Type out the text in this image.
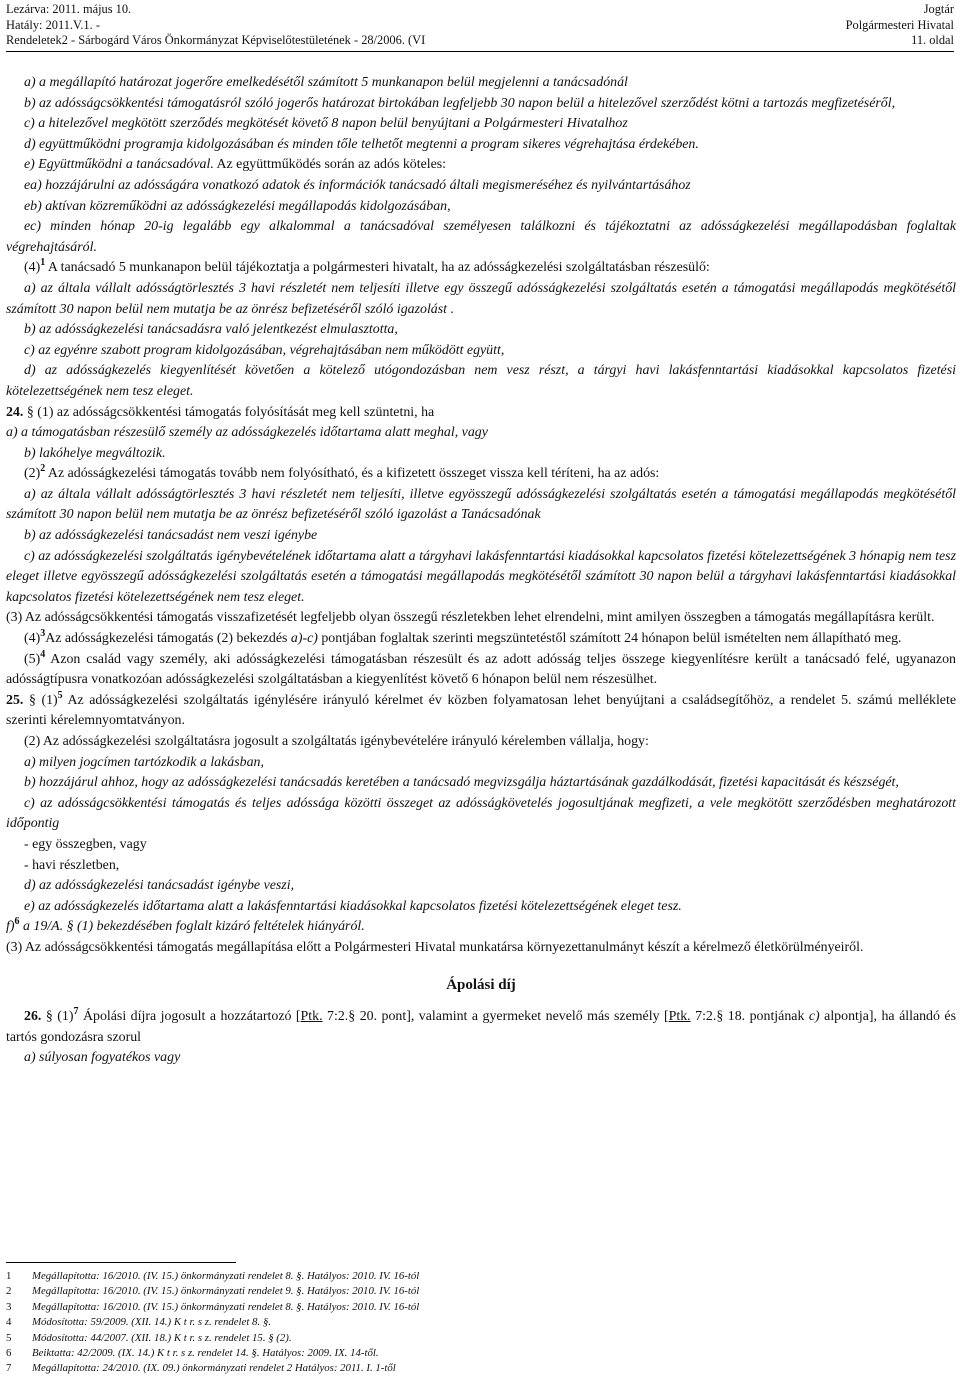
Lezárva: 2011. május 10.
Hatály: 2011.V.1. -
Rendeletek2 - Sárbogárd Város Önkormányzat Képviselőtestületének - 28/2006. (VI
Jogtár
Polgármesteri Hivatal
11. oldal

a) a megállapító határozat jogerőre emelkedésétől számított 5 munkanapon belül megjelenni a tanácsadónál

b) az adósságcsökkentési támogatásról szóló jogerős határozat birtokában legfeljebb 30 napon belül a hitelezővel szerződést kötni a tartozás megfizetéséről,

c) a hitelezővel megkötött szerződés megkötését követő 8 napon belül benyújtani a Polgármesteri Hivatalhoz

d) együttműködni programja kidolgozásában és minden tőle telhetőt megtenni a program sikeres végrehajtása érdekében.

e) Együttműködni a tanácsadóval. Az együttműködés során az adós köteles:

ea) hozzájárulni az adósságára vonatkozó adatok és információk tanácsadó általi megismeréséhez és nyilvántartásához

eb) aktívan közreműködni az adósságkezelési megállapodás kidolgozásában,

ec) minden hónap 20-ig legalább egy alkalommal a tanácsadóval személyesen találkozni és tájékoztatni az adósságkezelési megállapodásban foglaltak végrehajtásáról.

$(4)^1$ A tanácsadó 5 munkanapon belül tájékoztatja a polgármesteri hivatalt, ha az adósságkezelési szolgáltatásban részesülő:

a) az általa vállalt adósságtörlesztés 3 havi részletét nem teljesíti illetve egy összegű adósságkezelési szolgáltatás esetén a támogatási megállapodás megkötésétől számított 30 napon belül nem mutatja be az önrész befizetéséről szóló igazolást .

b) az adósságkezelési tanácsadásra való jelentkezést elmulasztotta,

c) az egyénre szabott program kidolgozásában, végrehajtásában nem működött együtt,

d) az adósságkezelés kiegyenlítését követően a kötelező utógondozásban nem vesz részt, a tárgyi havi lakásfenntartási kiadásokkal kapcsolatos fizetési kötelezettségének nem tesz eleget.

24. § (1) az adósságcsökkentési támogatás folyósítását meg kell szüntetni, ha

a) a támogatásban részesülő személy az adósságkezelés időtartama alatt meghal, vagy

b) lakóhelye megváltozik.

$(2)^2$ Az adósságkezelési támogatás tovább nem folyósítható, és a kifizetett összeget vissza kell téríteni, ha az adós:

a) az általa vállalt adósságtörlesztés 3 havi részletét nem teljesíti, illetve egyösszegű adósságkezelési szolgáltatás esetén a támogatási megállapodás megkötésétől számított 30 napon belül nem mutatja be az önrész befizetéséről szóló igazolást a Tanácsadónak

b) az adósságkezelési tanácsadást nem veszi igénybe

c) az adósságkezelési szolgáltatás igénybevételének időtartama alatt a tárgyhavi lakásfenntartási kiadásokkal kapcsolatos fizetési kötelezettségének 3 hónapig nem tesz eleget illetve egyösszegű adósságkezelési szolgáltatás esetén a támogatási megállapodás megkötésétől számított 30 napon belül a tárgyhavi lakásfenntartási kiadásokkal kapcsolatos fizetési kötelezettségének nem tesz eleget.

(3) Az adósságcsökkentési támogatás visszafizetését legfeljebb olyan összegű részletekben lehet elrendelni, mint amilyen összegben a támogatás megállapításra került.

$(4)^3Az$ adósságkezelési támogatás (2) bekezdés a)-c) pontjában foglaltak szerinti megszüntetéstől számított 24 hónapon belül ismételten nem állapítható meg.

$(5)^4$ Azon család vagy személy, aki adósságkezelési támogatásban részesült és az adott adósság teljes összege kiegyenlítésre került a tanácsadó felé, ugyanazon adósságtípusra vonatkozóan adósságkezelési szolgáltatásban a kiegyenlítést követő 6 hónapon belül nem részesülhet.

25. § $(1)^5$ Az adósságkezelési szolgáltatás igénylésére irányuló kérelmet év közben folyamatosan lehet benyújtani a családsegítőhöz, a rendelet 5. számú melléklete szerinti kérelemnyomtatványon.

(2) Az adósságkezelési szolgáltatásra jogosult a szolgáltatás igénybevételére irányuló kérelemben vállalja, hogy:

a) milyen jogcímen tartózkodik a lakásban,

b) hozzájárul ahhoz, hogy az adósságkezelési tanácsadás keretében a tanácsadó megvizsgálja háztartásának gazdálkodását, fizetési kapacitását és készségét,

c) az adósságcsökkentési támogatás és teljes adóssága közötti összeget az adósságkövetelés jogosultjának megfizeti, a vele megkötött szerződésben meghatározott időpontig

- egy összegben, vagy

- havi részletben,

d) az adósságkezelési tanácsadást igénybe veszi,

e) az adósságkezelés időtartama alatt a lakásfenntartási kiadásokkal kapcsolatos fizetési kötelezettségének eleget tesz.

f)$^6$ a 19/A. § (1) bekezdésében foglalt kizáró feltételek hiányáról.

(3) Az adósságcsökkentési támogatás megállapítása előtt a Polgármesteri Hivatal munkatársa környezettanulmányt készít a kérelmező életkörülményeiről.

Ápolási díj

26. § $(1)^7$ Ápolási díjra jogosult a hozzátartozó [Ptk. 7:2.§ 20. pont], valamint a gyermeket nevelő más személy [Ptk. 7:2.§ 18. pontjának c) alpontja], ha állandó és tartós gondozásra szorul

a) súlyosan fogyatékos vagy

1 Megállapította: 16/2010. (IV. 15.) önkormányzati rendelet 8. §. Hatályos: 2010. IV. 16-tól
2 Megállapította: 16/2010. (IV. 15.) önkormányzati rendelet 9. §. Hatályos: 2010. IV. 16-tól
3 Megállapította: 16/2010. (IV. 15.) önkormányzati rendelet 8. §. Hatályos: 2010. IV. 16-tól
4 Módosította: 59/2009. (XII. 14.) K t r. s z. rendelet 8. §.
5 Módosította: 44/2007. (XII. 18.) K t r. s z. rendelet 15. § (2).
6 Beiktatta: 42/2009. (IX. 14.) K t r. s z. rendelet 14. §. Hatályos: 2009. IX. 14-től.
7 Megállapította: 24/2010. (IX. 09.) önkormányzati rendelet 2 Hatályos: 2011. I. 1-től
